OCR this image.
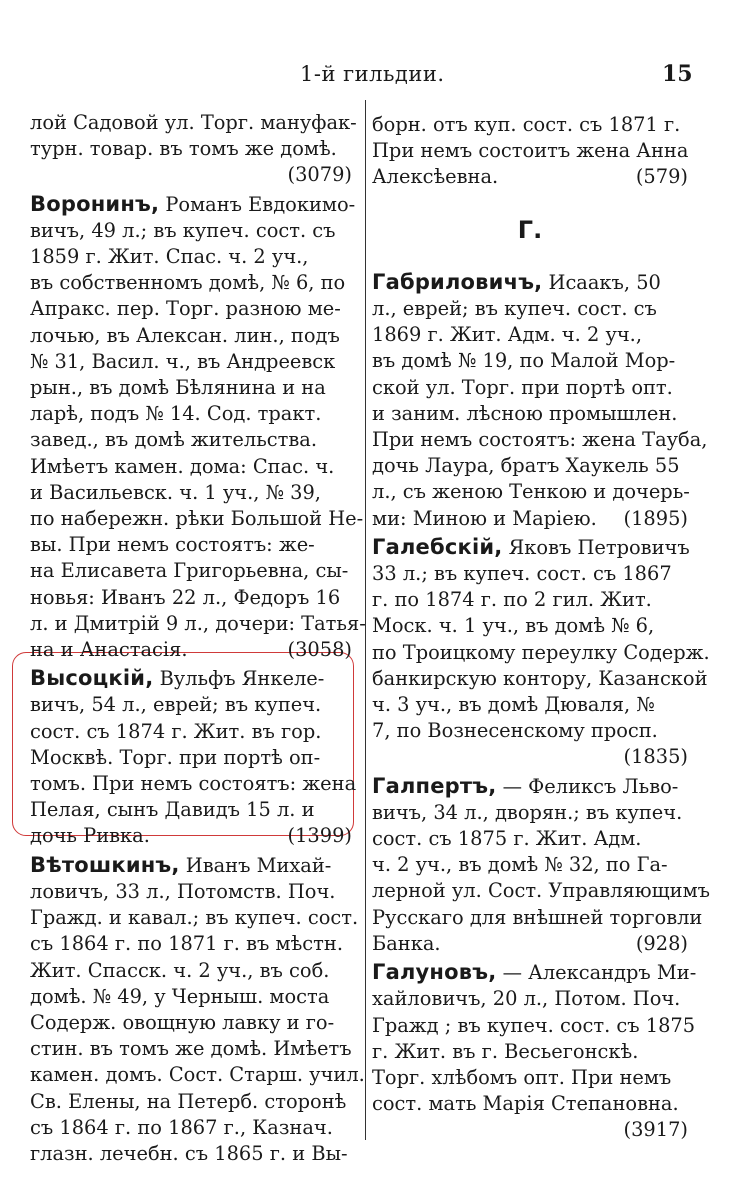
1-й гильдии.	15
лой Садовой ул. Торг. мануфак-
турн. товар. въ томъ же домѣ.
(3079)
Воронинъ, Романъ Евдокимо-
вичъ, 49 л.; въ купеч. сост. съ
1859 г. Жит. Спас. ч. 2 уч.,
въ собственномъ домѣ, № 6, по
Апракс. пер. Торг. разною ме-
лочью, въ Алексан. лин., подъ
№ 31, Васил. ч., въ Андреевск
рын., въ домѣ Бѣлянина и на
ларѣ, подъ № 14. Сод. тракт.
завед., въ домѣ жительства.
Имѣетъ камен. дома: Спас. ч.
и Васильевск. ч. 1 уч., № 39,
по набережн. рѣки Большой Не-
вы. При немъ состоятъ: же-
на Елисавета Григорьевна, сы-
новья: Иванъ 22 л., Федоръ 16
л. и Дмитрій 9 л., дочери: Татья-
на и Анастасія.	(3058)
Высоцкій, Вульфъ Янкеле-
вичъ, 54 л., еврей; въ купеч.
сост. съ 1874 г. Жит. въ гор.
Москвѣ. Торг. при портѣ оп-
томъ. При немъ состоятъ: жена
Пелая, сынъ Давидъ 15 л. и
дочь Ривка.	(1399)
Вѣтошкинъ, Иванъ Михай-
ловичъ, 33 л., Потомств. Поч.
Гражд. и кавал.; въ купеч. сост.
съ 1864 г. по 1871 г. въ мѣстн.
Жит. Спасск. ч. 2 уч., въ соб.
домѣ. № 49, у Черныш. моста
Содерж. овощную лавку и го-
стин. въ томъ же домѣ. Имѣетъ
камен. домъ. Сост. Старш. учил.
Св. Елены, на Петерб. сторонѣ
съ 1864 г. по 1867 г., Казнач.
глазн. лечебн. съ 1865 г. и Вы-
борн. отъ куп. сост. съ 1871 г.
При немъ состоитъ жена Анна
Алексѣевна.	(579)
Г.
Габриловичъ, Исаакъ, 50
л., еврей; въ купеч. сост. съ
1869 г. Жит. Адм. ч. 2 уч.,
въ домѣ № 19, по Малой Мор-
ской ул. Торг. при портѣ опт.
и заним. лѣсною промышлен.
При немъ состоятъ: жена Тауба,
дочь Лаура, братъ Хаукель 55
л., съ женою Тенкою и дочерь-
ми: Миною и Маріею. (1895)
Галебскій, Яковъ Петровичъ
33 л.; въ купеч. сост. съ 1867
г. по 1874 г. по 2 гил. Жит.
Моск. ч. 1 уч., въ домѣ № 6,
по Троицкому переулку Содерж.
банкирскую контору, Казанской
ч. 3 уч., въ домѣ Дюваля, №
7, по Вознесенскому просп.
(1835)
Галпертъ, — Феликсъ Львo-
вичъ, 34 л., дворян.; въ купеч.
сост. съ 1875 г. Жит. Адм.
ч. 2 уч., въ домѣ № 32, по Га-
лерной ул. Сост. Управляющимъ
Русскаго для внѣшней торговли
Банка.	(928)
Галуновъ, — Александръ Ми-
хайловичъ, 20 л., Потом. Поч.
Гражд ; въ купеч. сост. съ 1875
г. Жит. въ г. Весьегонскѣ.
Торг. хлѣбомъ опт. При немъ
сост. мать Марія Степановна.
(3917)
